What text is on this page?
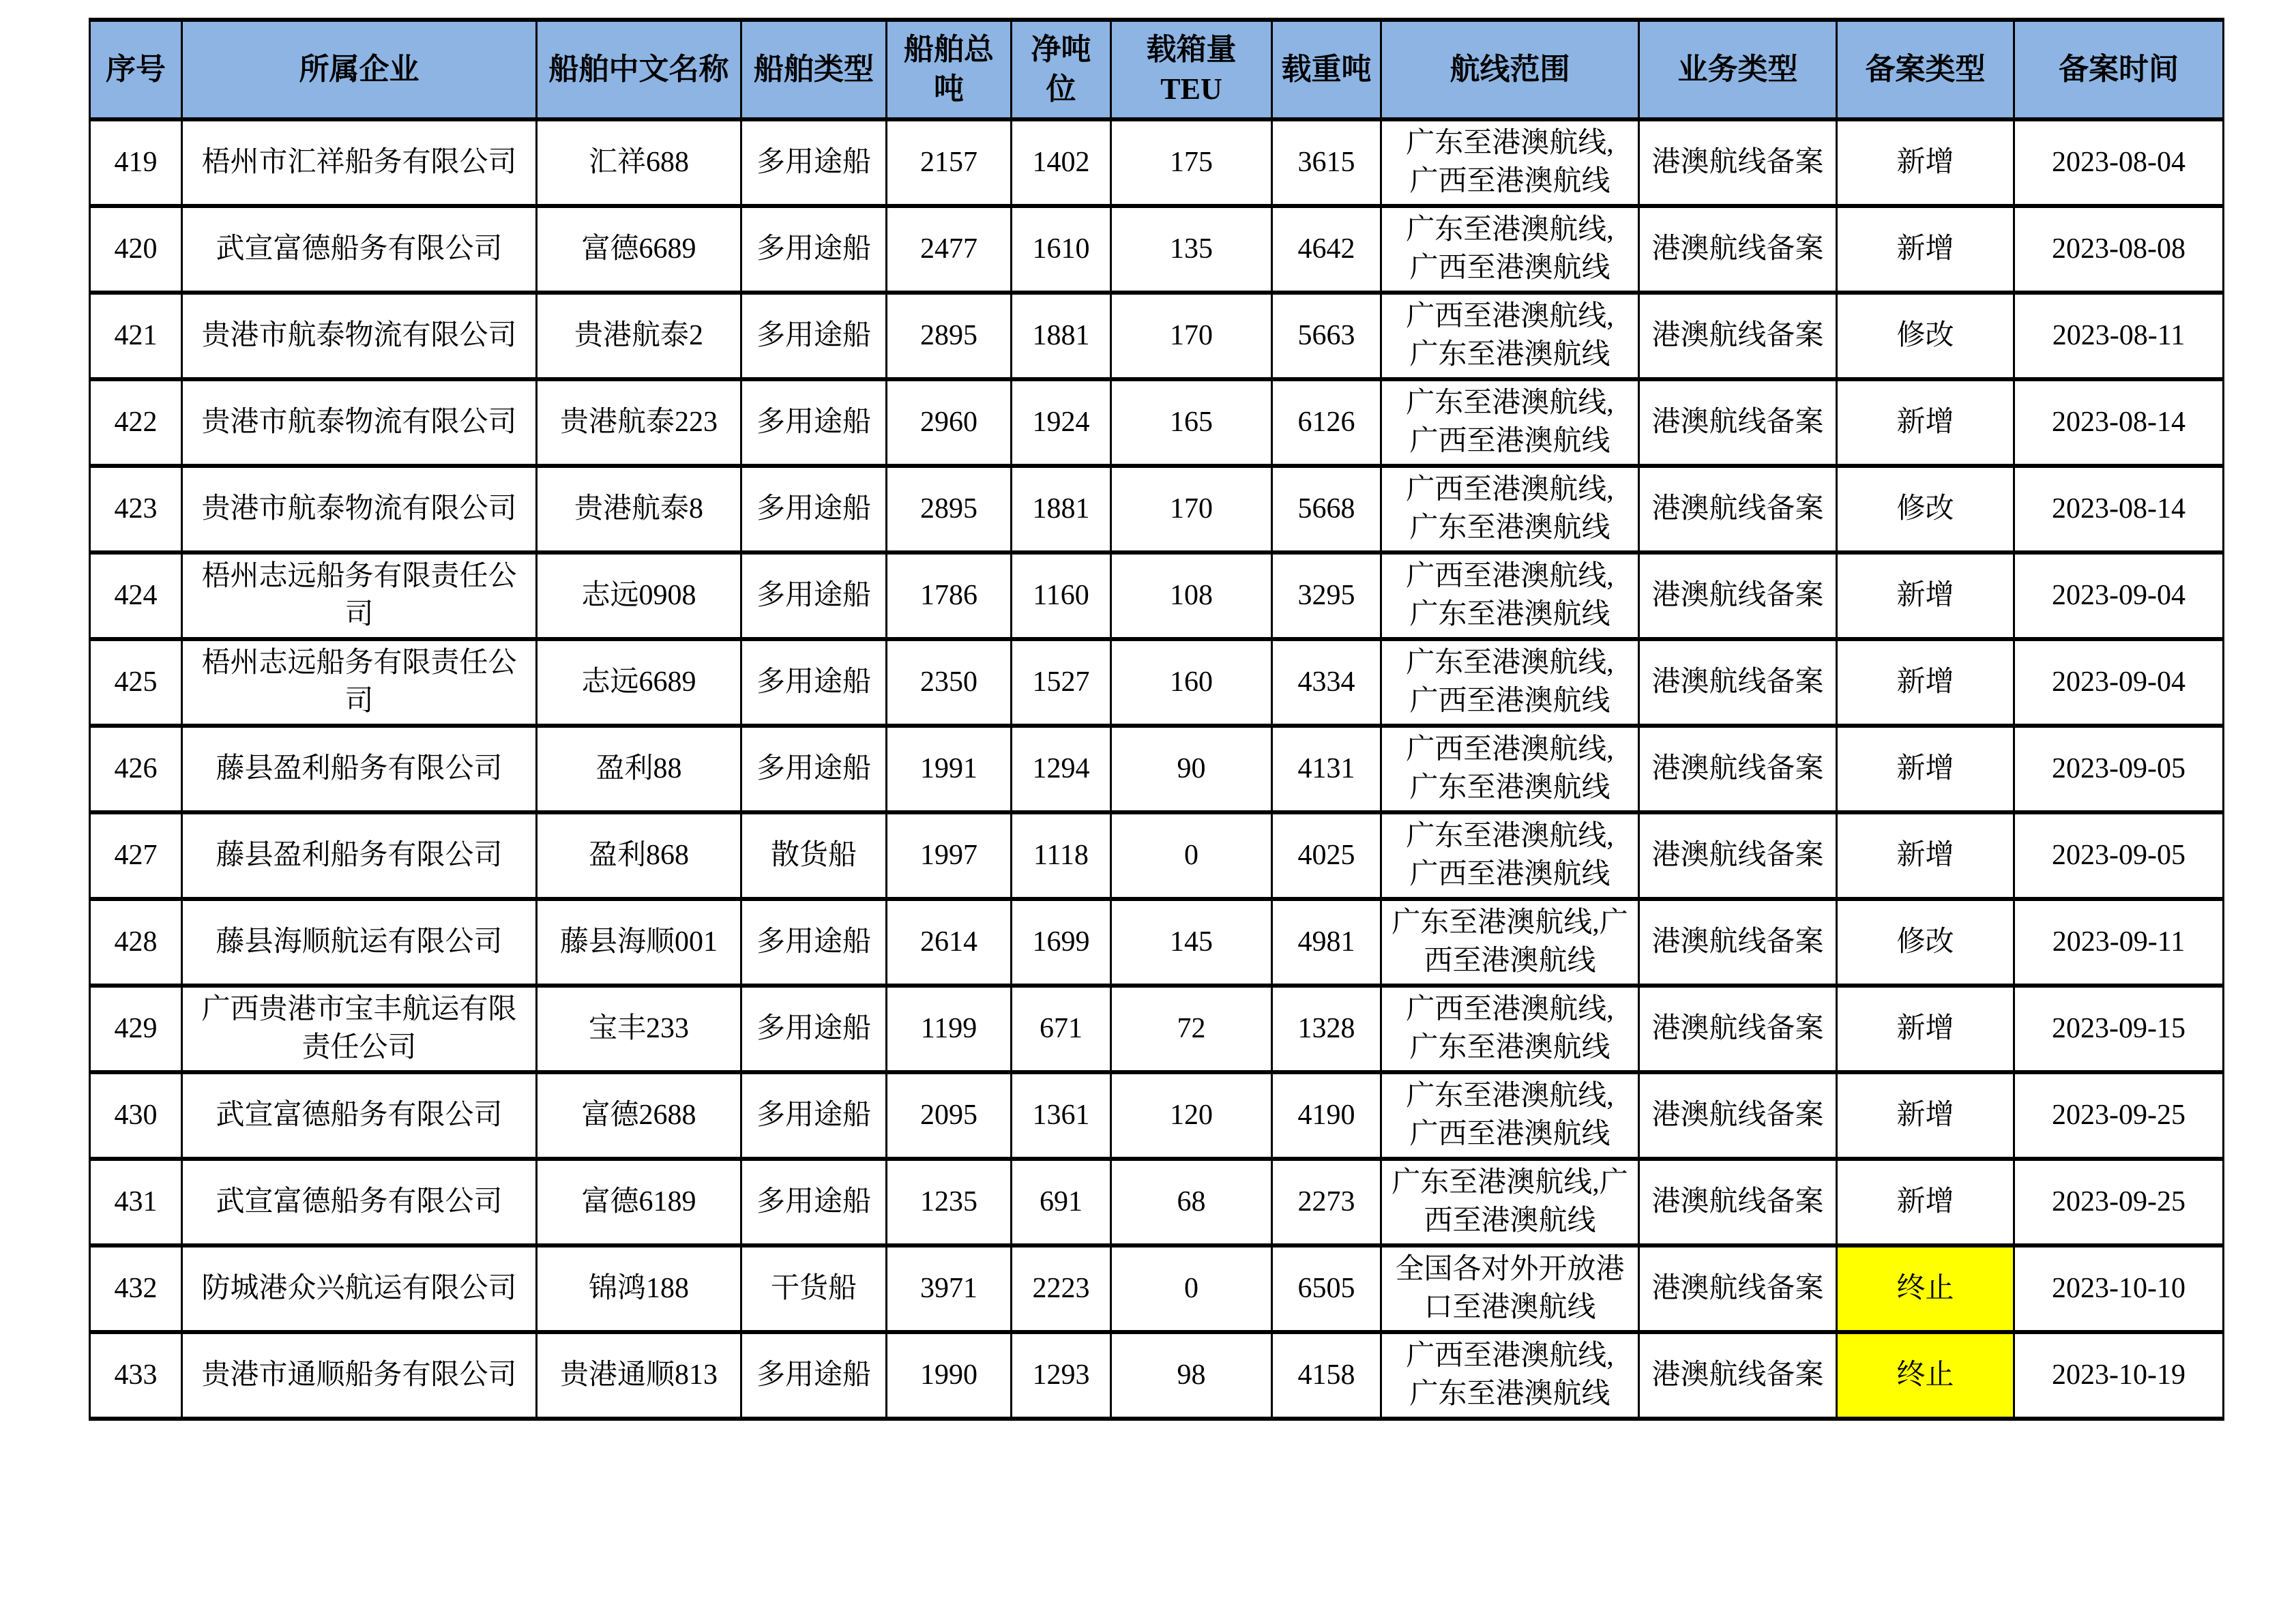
序号	所属企业	船舶中文名称	船舶类型	船舶总吨	净吨位	载箱量TEU	载重吨	航线范围	业务类型	备案类型	备案时间
419	梧州市汇祥船务有限公司	汇祥688	多用途船	2157	1402	175	3615	广东至港澳航线,
广西至港澳航线	港澳航线备案	新增	2023-08-04
420	武宣富德船务有限公司	富德6689	多用途船	2477	1610	135	4642	广东至港澳航线,
广西至港澳航线	港澳航线备案	新增	2023-08-08
421	贵港市航泰物流有限公司	贵港航泰2	多用途船	2895	1881	170	5663	广西至港澳航线,
广东至港澳航线	港澳航线备案	修改	2023-08-11
422	贵港市航泰物流有限公司	贵港航泰223	多用途船	2960	1924	165	6126	广东至港澳航线,
广西至港澳航线	港澳航线备案	新增	2023-08-14
423	贵港市航泰物流有限公司	贵港航泰8	多用途船	2895	1881	170	5668	广西至港澳航线,
广东至港澳航线	港澳航线备案	修改	2023-08-14
424	梧州志远船务有限责任公
司	志远0908	多用途船	1786	1160	108	3295	广西至港澳航线,
广东至港澳航线	港澳航线备案	新增	2023-09-04
425	梧州志远船务有限责任公
司	志远6689	多用途船	2350	1527	160	4334	广东至港澳航线,
广西至港澳航线	港澳航线备案	新增	2023-09-04
426	藤县盈利船务有限公司	盈利88	多用途船	1991	1294	90	4131	广西至港澳航线,
广东至港澳航线	港澳航线备案	新增	2023-09-05
427	藤县盈利船务有限公司	盈利868	散货船	1997	1118	0	4025	广东至港澳航线,
广西至港澳航线	港澳航线备案	新增	2023-09-05
428	藤县海顺航运有限公司	藤县海顺001	多用途船	2614	1699	145	4981	广东至港澳航线,广
西至港澳航线	港澳航线备案	修改	2023-09-11
429	广西贵港市宝丰航运有限
责任公司	宝丰233	多用途船	1199	671	72	1328	广西至港澳航线,
广东至港澳航线	港澳航线备案	新增	2023-09-15
430	武宣富德船务有限公司	富德2688	多用途船	2095	1361	120	4190	广东至港澳航线,
广西至港澳航线	港澳航线备案	新增	2023-09-25
431	武宣富德船务有限公司	富德6189	多用途船	1235	691	68	2273	广东至港澳航线,广
西至港澳航线	港澳航线备案	新增	2023-09-25
432	防城港众兴航运有限公司	锦鸿188	干货船	3971	2223	0	6505	全国各对外开放港
口至港澳航线	港澳航线备案	终止	2023-10-10
433	贵港市通顺船务有限公司	贵港通顺813	多用途船	1990	1293	98	4158	广西至港澳航线,
广东至港澳航线	港澳航线备案	终止	2023-10-19
